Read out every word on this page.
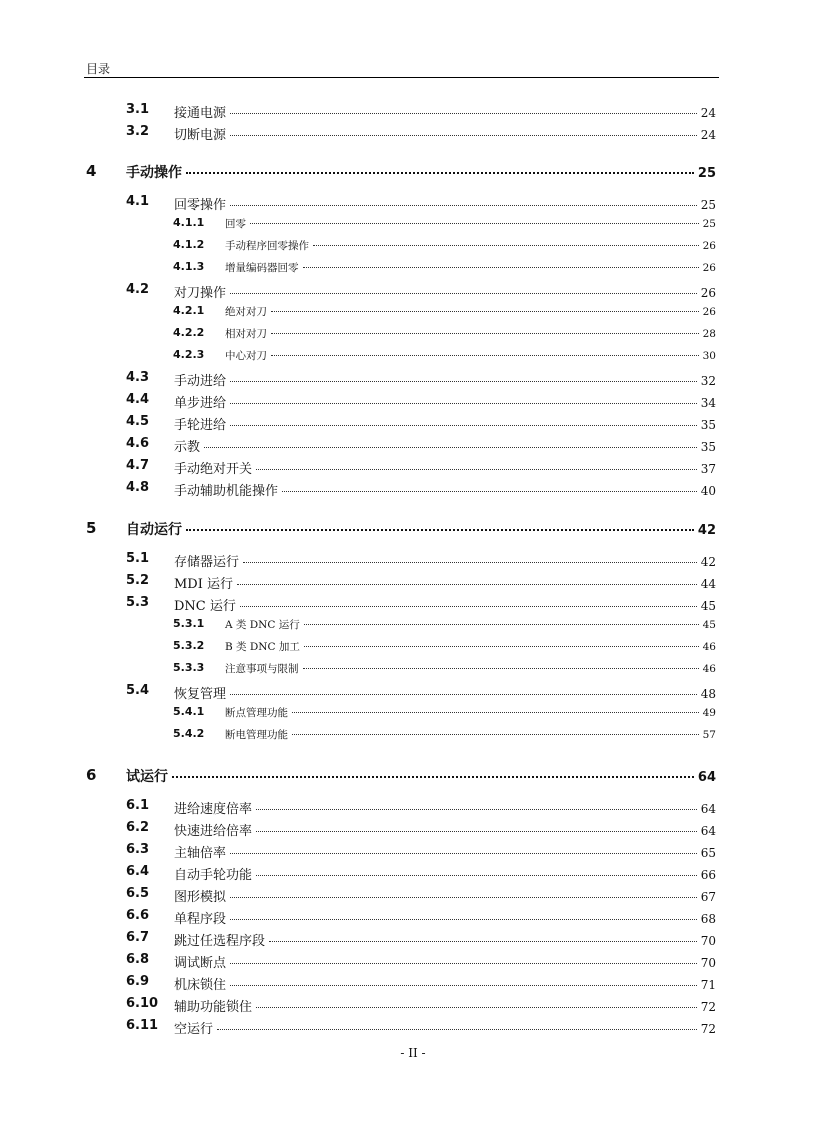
目录
3.1 接通电源	24
3.2 切断电源	24
4 手动操作	25
4.1 回零操作	25
4.1.1 回零	25
4.1.2 手动程序回零操作	26
4.1.3 增量编码器回零	26
4.2 对刀操作	26
4.2.1 绝对对刀	26
4.2.2 相对对刀	28
4.2.3 中心对刀	30
4.3 手动进给	32
4.4 单步进给	34
4.5 手轮进给	35
4.6 示教	35
4.7 手动绝对开关	37
4.8 手动辅助机能操作	40
5 自动运行	42
5.1 存储器运行	42
5.2 MDI 运行	44
5.3 DNC 运行	45
5.3.1 A 类 DNC 运行	45
5.3.2 B 类 DNC 加工	46
5.3.3 注意事项与限制	46
5.4 恢复管理	48
5.4.1 断点管理功能	49
5.4.2 断电管理功能	57
6 试运行	64
6.1 进给速度倍率	64
6.2 快速进给倍率	64
6.3 主轴倍率	65
6.4 自动手轮功能	66
6.5 图形模拟	67
6.6 单程序段	68
6.7 跳过任选程序段	70
6.8 调试断点	70
6.9 机床锁住	71
6.10 辅助功能锁住	72
6.11 空运行	72
- II -
